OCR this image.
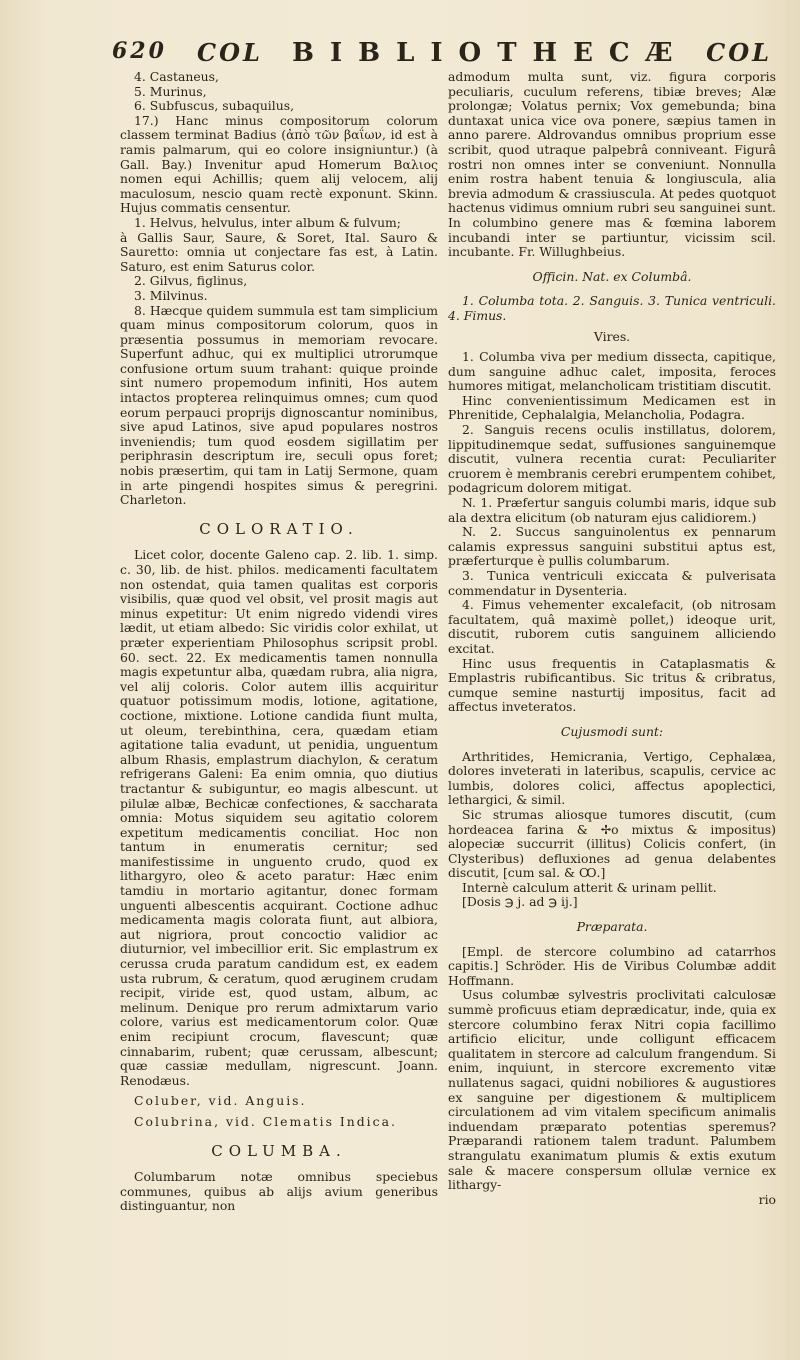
620 COL BIBLIOTHECÆ COL

4. Castaneus,

5. Murinus,

6. Subfuscus, subaquilus,

17.) Hanc minus compositorum colorum classem terminat Badius (ἀπὸ τῶν βαΐων, id est à ramis palmarum, qui eo colore insigniuntur.) (à Gall. Bay.) Invenitur apud Homerum Βαλιος nomen equi Achillis; quem alij velocem, alij maculosum, nescio quam rectè exponunt. Skinn. Hujus commatis censentur.

1. Helvus, helvulus, inter album & fulvum;

à Gallis Saur, Saure, & Soret, Ital. Sauro & Sauretto: omnia ut conjectare fas est, à Latin. Saturo, est enim Saturus color.

2. Gilvus, figlinus,

3. Milvinus.

8. Hæcque quidem summula est tam simplicium quam minus compositorum colorum, quos in præsentia possumus in memoriam revocare. Superfunt adhuc, qui ex multiplici utrorumque confusione ortum suum trahant: quique proinde sint numero propemodum infiniti, Hos autem intactos propterea relinquimus omnes; cum quod eorum perpauci proprijs dignoscantur nominibus, sive apud Latinos, sive apud populares nostros inveniendis; tum quod eosdem sigillatim per periphrasin descriptum ire, seculi opus foret; nobis præsertim, qui tam in Latij Sermone, quam in arte pingendi hospites simus & peregrini. Charleton.

COLORATIO.

Licet color, docente Galeno cap. 2. lib. 1. simp. c. 30, lib. de hist. philos. medicamenti facultatem non ostendat, quia tamen qualitas est corporis visibilis, quæ quod vel obsit, vel prosit magis aut minus expetitur: Ut enim nigredo videndi vires lædit, ut etiam albedo: Sic viridis color exhilat, ut præter experientiam Philosophus scripsit probl. 60. sect. 22. Ex medicamentis tamen nonnulla magis expetuntur alba, quædam rubra, alia nigra, vel alij coloris. Color autem illis acquiritur quatuor potissimum modis, lotione, agitatione, coctione, mixtione. Lotione candida fiunt multa, ut oleum, terebinthina, cera, quædam etiam agitatione talia evadunt, ut penidia, unguentum album Rhasis, emplastrum diachylon, & ceratum refrigerans Galeni: Ea enim omnia, quo diutius tractantur & subiguntur, eo magis albescunt. ut pilulæ albæ, Bechicæ confectiones, & saccharata omnia: Motus siquidem seu agitatio colorem expetitum medicamentis conciliat. Hoc non tantum in enumeratis cernitur; sed manifestissime in unguento crudo, quod ex lithargyro, oleo & aceto paratur: Hæc enim tamdiu in mortario agitantur, donec formam unguenti albescentis acquirant. Coctione adhuc medicamenta magis colorata fiunt, aut albiora, aut nigriora, prout concoctio validior ac diuturnior, vel imbecillior erit. Sic emplastrum ex cerussa cruda paratum candidum est, ex eadem usta rubrum, & ceratum, quod æruginem crudam recipit, viride est, quod ustam, album, ac melinum. Denique pro rerum admixtarum vario colore, varius est medicamentorum color. Quæ enim recipiunt crocum, flavescunt; quæ cinnabarim, rubent; quæ cerussam, albescunt; quæ cassiæ medullam, nigrescunt. Joann. Renodæus.

Coluber, vid. Anguis.

Colubrina, vid. Clematis Indica.

COLUMBA.

Columbarum notæ omnibus speciebus communes, quibus ab alijs avium generibus distinguantur, non

admodum multa sunt, viz. figura corporis peculiaris, cuculum referens, tibiæ breves; Alæ prolongæ; Volatus pernix; Vox gemebunda; bina duntaxat unica vice ova ponere, sæpius tamen in anno parere. Aldrovandus omnibus proprium esse scribit, quod utraque palpebrâ conniveant. Figurâ rostri non omnes inter se conveniunt. Nonnulla enim rostra habent tenuia & longiuscula, alia brevia admodum & crassiuscula. At pedes quotquot hactenus vidimus omnium rubri seu sanguinei sunt. In columbino genere mas & fœmina laborem incubandi inter se partiuntur, vicissim scil. incubante. Fr. Willughbeius.

Officin. Nat. ex Columbâ.

1. Columba tota. 2. Sanguis. 3. Tunica ventriculi. 4. Fimus.

Vires.

1. Columba viva per medium dissecta, capitique, dum sanguine adhuc calet, imposita, feroces humores mitigat, melancholicam tristitiam discutit.

Hinc convenientissimum Medicamen est in Phrenitide, Cephalalgia, Melancholia, Podagra.

2. Sanguis recens oculis instillatus, dolorem, lippitudinemque sedat, suffusiones sanguinemque discutit, vulnera recentia curat: Peculiariter cruorem è membranis cerebri erumpentem cohibet, podagricum dolorem mitigat.

N. 1. Præfertur sanguis columbi maris, idque sub ala dextra elicitum (ob naturam ejus calidiorem.)

N. 2. Succus sanguinolentus ex pennarum calamis expressus sanguini substitui aptus est, præferturque è pullis columbarum.

3. Tunica ventriculi exiccata & pulverisata commendatur in Dysenteria.

4. Fimus vehementer excalefacit, (ob nitrosam facultatem, quâ maximè pollet,) ideoque urit, discutit, ruborem cutis sanguinem alliciendo excitat.

Hinc usus frequentis in Cataplasmatis & Emplastris rubificantibus. Sic tritus & cribratus, cumque semine nasturtij impositus, facit ad affectus inveteratos.

Cujusmodi sunt:

Arthritides, Hemicrania, Vertigo, Cephalæa, dolores inveterati in lateribus, scapulis, cervice ac lumbis, dolores colici, affectus apoplectici, lethargici, & simil.

Sic strumas aliosque tumores discutit, (cum hordeacea farina & ✢o mixtus & impositus) alopeciæ succurrit (illitus) Colicis confert, (in Clysteribus) defluxiones ad genua delabentes discutit, [cum sal. & Ꝏ.]

Internè calculum atterit & urinam pellit.

[Dosis ℈ j. ad ℈ ij.]

Præparata.

[Empl. de stercore columbino ad catarrhos capitis.] Schröder. His de Viribus Columbæ addit Hoffmann.

Usus columbæ sylvestris proclivitati calculosæ summè proficuus etiam deprædicatur, inde, quia ex stercore columbino ferax Nitri copia facillimo artificio elicitur, unde colligunt efficacem qualitatem in stercore ad calculum frangendum. Si enim, inquiunt, in stercore excremento vitæ nullatenus sagaci, quidni nobiliores & augustiores ex sanguine per digestionem & multiplicem circulationem ad vim vitalem specificum animalis induendam præparato potentias speremus? Præparandi rationem talem tradunt. Palumbem strangulatu exanimatum plumis & extis exutum sale & macere conspersum ollulæ vernice ex lithargy-

rio
